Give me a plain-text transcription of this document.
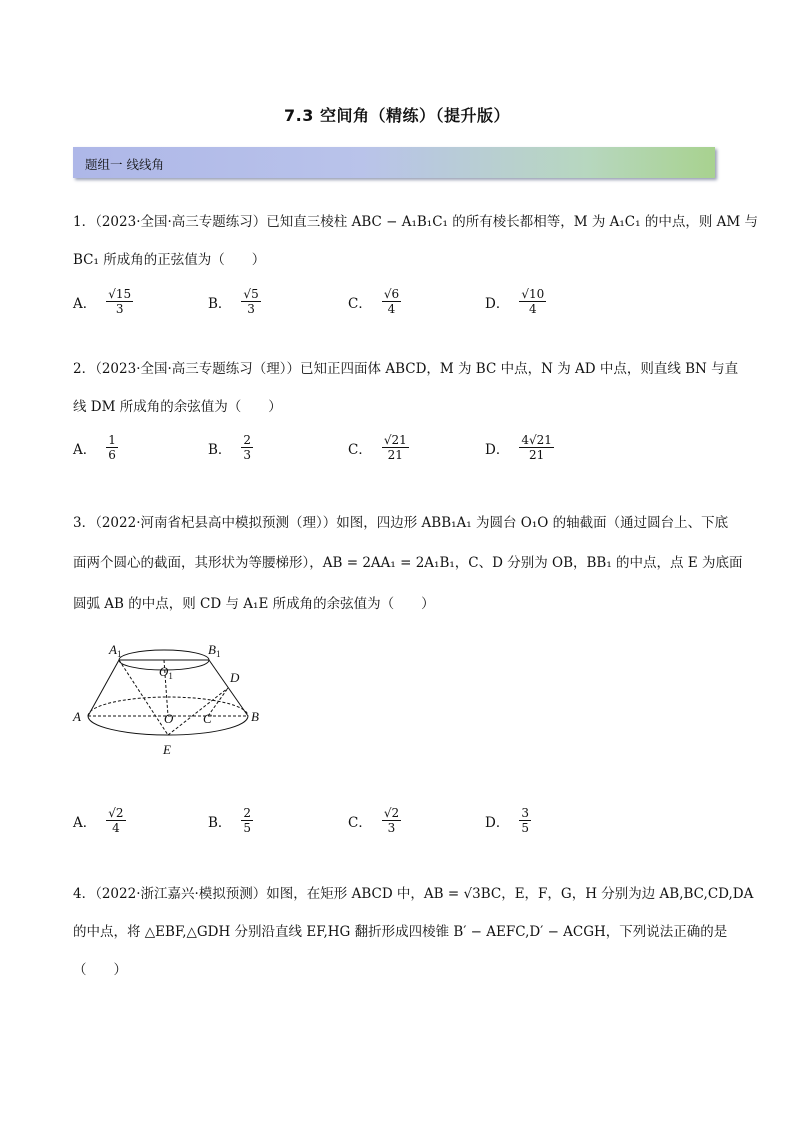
7.3 空间角（精练）（提升版）
题组一 线线角
1．（2023·全国·高三专题练习）已知直三棱柱 ABC − A₁B₁C₁ 的所有棱长都相等，M 为 A₁C₁ 的中点，则 AM 与
BC₁ 所成角的正弦值为（　　）
A． $\frac{√15}{3}$	B． $\frac{√5}{3}$	C． $\frac{√6}{4}$	D． $\frac{√10}{4}$
2．（2023·全国·高三专题练习（理））已知正四面体 ABCD，M 为 BC 中点，N 为 AD 中点，则直线 BN 与直
线 DM 所成角的余弦值为（　　）
A． $\frac{1}{6}$	B． $\frac{2}{3}$	C． $\frac{√21}{21}$	D． $\frac{4√21}{21}$
3．（2022·河南省杞县高中模拟预测（理））如图，四边形 ABB₁A₁ 为圆台 O₁O 的轴截面（通过圆台上、下底
面两个圆心的截面，其形状为等腰梯形），AB = 2AA₁ = 2A₁B₁，C、D 分别为 OB，BB₁ 的中点，点 E 为底面
圆弧 AB 的中点，则 CD 与 A₁E 所成角的余弦值为（　　）
$A_1$	$B_1$
$O_1$	D
A	O C	B
E
A． $\frac{√2}{4}$	B． $\frac{2}{5}$	C． $\frac{√2}{3}$	D． $\frac{3}{5}$
4．（2022·浙江嘉兴·模拟预测）如图，在矩形 ABCD 中，AB = √3BC，E，F，G，H 分别为边 AB,BC,CD,DA
的中点，将 △EBF,△GDH 分别沿直线 EF,HG 翻折形成四棱锥 B′ − AEFC,D′ − ACGH，下列说法正确的是
（　　）
